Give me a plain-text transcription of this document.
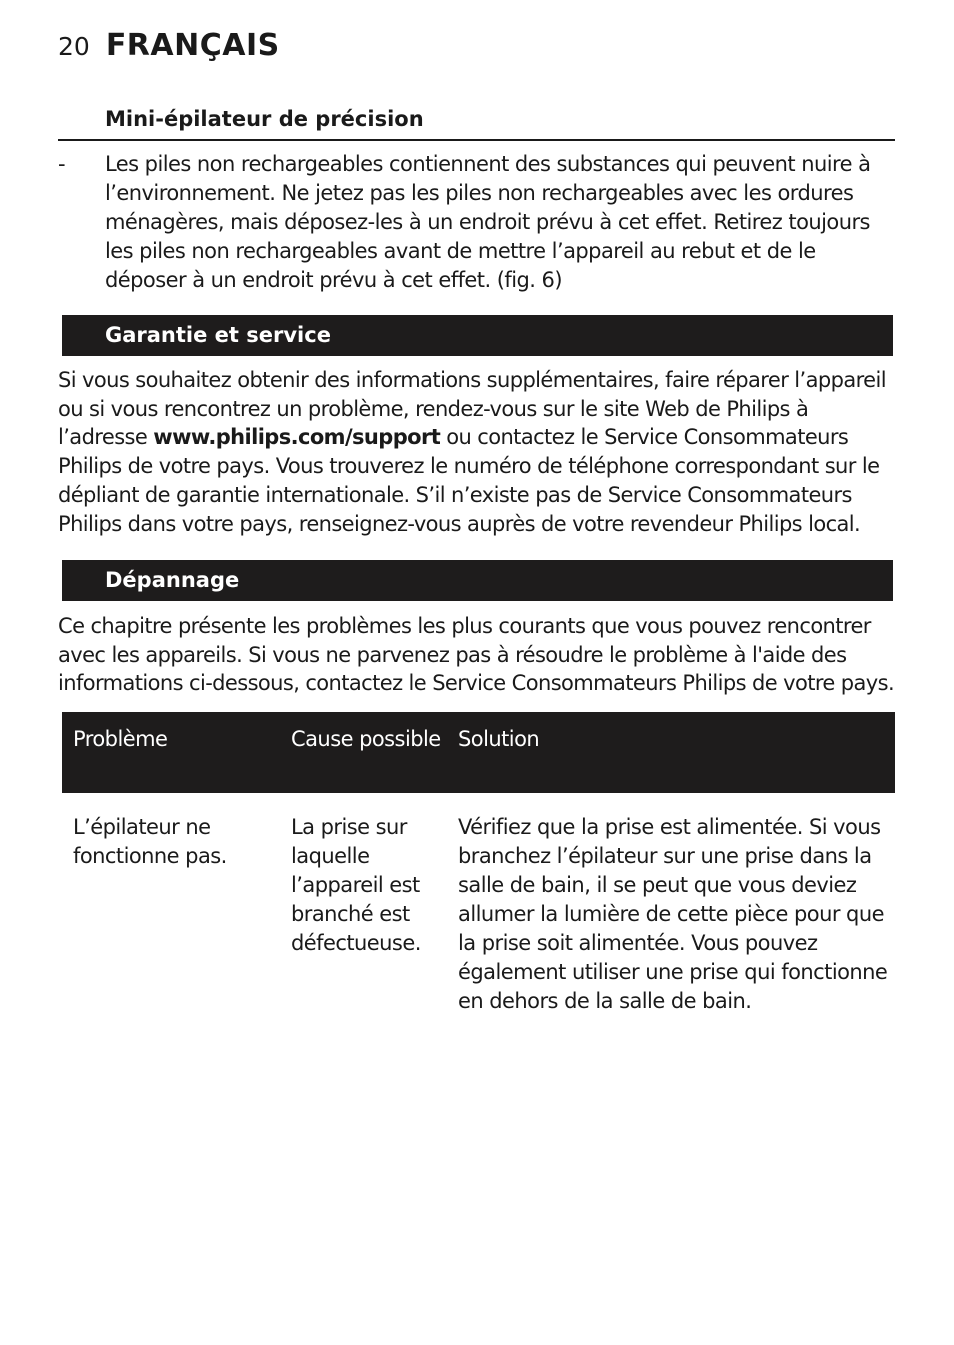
20 FRANÇAIS
Mini-épilateur de précision
- Les piles non rechargeables contiennent des substances qui peuvent nuire à l’environnement. Ne jetez pas les piles non rechargeables avec les ordures ménagères, mais déposez-les à un endroit prévu à cet effet. Retirez toujours les piles non rechargeables avant de mettre l’appareil au rebut et de le déposer à un endroit prévu à cet effet. (fig. 6)
Garantie et service
Si vous souhaitez obtenir des informations supplémentaires, faire réparer l’appareil ou si vous rencontrez un problème, rendez-vous sur le site Web de Philips à l’adresse www.philips.com/support ou contactez le Service Consommateurs Philips de votre pays. Vous trouverez le numéro de téléphone correspondant sur le dépliant de garantie internationale. S’il n’existe pas de Service Consommateurs Philips dans votre pays, renseignez-vous auprès de votre revendeur Philips local.
Dépannage
Ce chapitre présente les problèmes les plus courants que vous pouvez rencontrer avec les appareils. Si vous ne parvenez pas à résoudre le problème à l'aide des informations ci-dessous, contactez le Service Consommateurs Philips de votre pays.
Problème	Cause possible Solution
L’épilateur ne fonctionne pas.
La prise sur laquelle l’appareil est branché est défectueuse.
Vérifiez que la prise est alimentée. Si vous branchez l’épilateur sur une prise dans la salle de bain, il se peut que vous deviez allumer la lumière de cette pièce pour que la prise soit alimentée. Vous pouvez également utiliser une prise qui fonctionne en dehors de la salle de bain.
